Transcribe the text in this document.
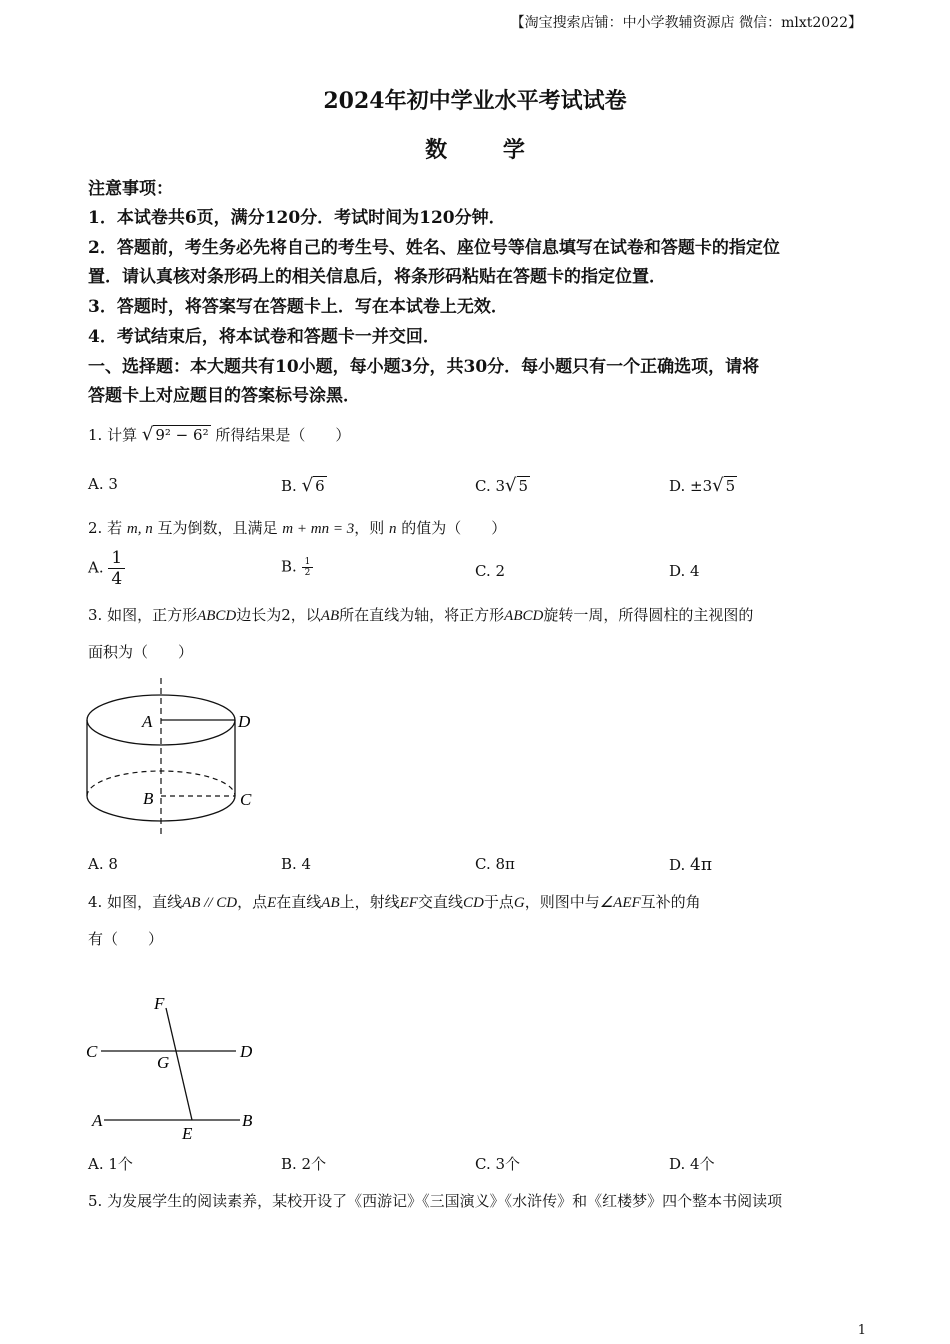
【淘宝搜索店铺：中小学教辅资源店 微信：mlxt2022】
2024年初中学业水平考试试卷
数 学
注意事项：
1．本试卷共6页，满分120分．考试时间为120分钟．
2．答题前，考生务必先将自己的考生号、姓名、座位号等信息填写在试卷和答题卡的指定位
置．请认真核对条形码上的相关信息后，将条形码粘贴在答题卡的指定位置．
3．答题时，将答案写在答题卡上．写在本试卷上无效．
4．考试结束后，将本试卷和答题卡一并交回．
一、选择题：本大题共有10小题，每小题3分，共30分．每小题只有一个正确选项，请将
答题卡上对应题目的答案标号涂黑．
1. 计算 √ 9² − 6² 所得结果是（　　）
A. 3	B. √ 6	C. 3√ 5	D. ±3√ 5
2. 若 m, n 互为倒数，且满足 m + mn = 3，则 n 的值为（　　）
A. $\frac{1}{4}$	B. $\frac{1}{2}$	C. 2	D. 4
3. 如图，正方形ABCD边长为2，以AB所在直线为轴，将正方形ABCD旋转一周，所得圆柱的主视图的
面积为（　　）
A	D
B	C
A. 8	B. 4	C. 8π	D. 4π
4. 如图，直线AB // CD，点E在直线AB上，射线EF交直线CD于点G，则图中与∠AEF互补的角
有（　　）
F
C
G
D
A
E
B
A. 1个	B. 2个	C. 3个	D. 4个
5. 为发展学生的阅读素养，某校开设了《西游记》《三国演义》《水浒传》和《红楼梦》四个整本书阅读项
1
